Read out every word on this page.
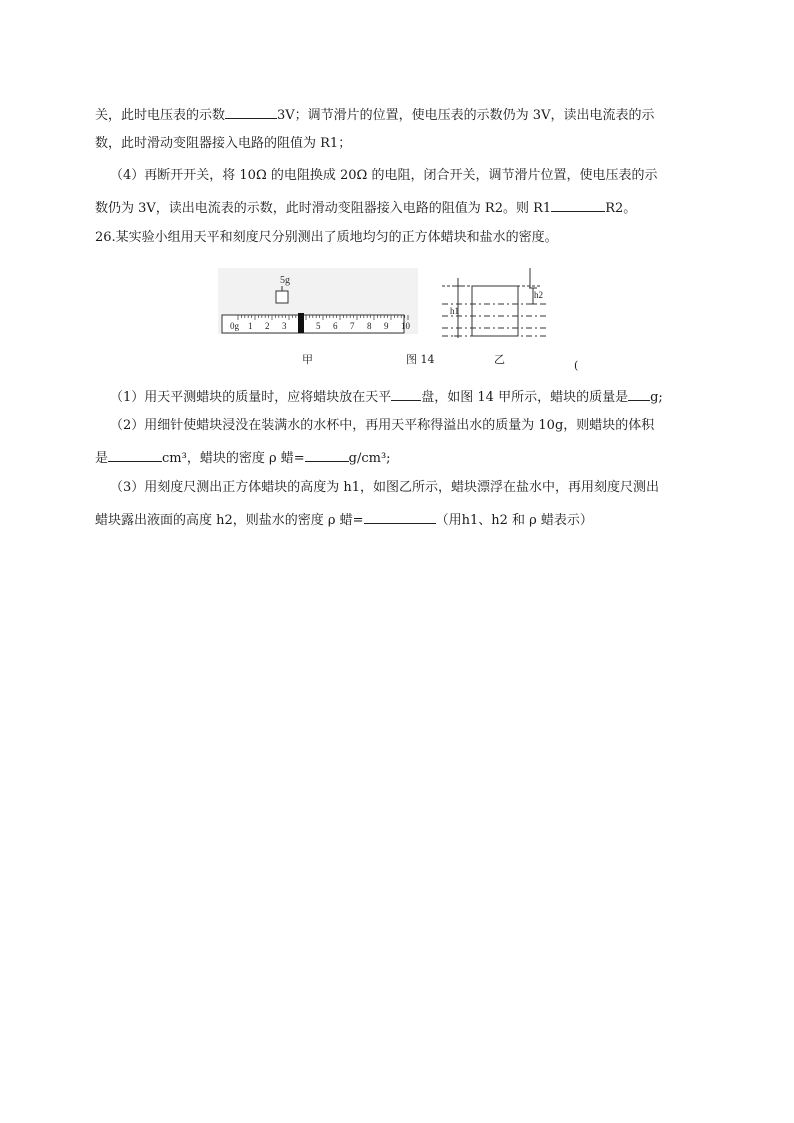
关，此时电压表的示数	3V；调节滑片的位置，使电压表的示数仍为 3V，读出电流表的示
数，此时滑动变阻器接入电路的阻值为 R1；
（4）再断开开关，将 10Ω 的电阻换成 20Ω 的电阻，闭合开关，调节滑片位置，使电压表的示
数仍为 3V，读出电流表的示数，此时滑动变阻器接入电路的阻值为 R2。则 R1	R2。
26.某实验小组用天平和刻度尺分别测出了质地均匀的正方体蜡块和盐水的密度。
5g
0g 1 2 3	5 6 7 8 9 10
h1
h2
甲	图 14	乙	(
（1）用天平测蜡块的质量时，应将蜡块放在天平 盘，如图 14 甲所示，蜡块的质量是 g;
（2）用细针使蜡块浸没在装满水的水杯中，再用天平称得溢出水的质量为 10g，则蜡块的体积
是	cm³，蜡块的密度 ρ 蜡=	g/cm³;
（3）用刻度尺测出正方体蜡块的高度为 h1，如图乙所示，蜡块漂浮在盐水中，再用刻度尺测出
蜡块露出液面的高度 h2，则盐水的密度 ρ 蜡=	（用h1、h2 和 ρ 蜡表示）
